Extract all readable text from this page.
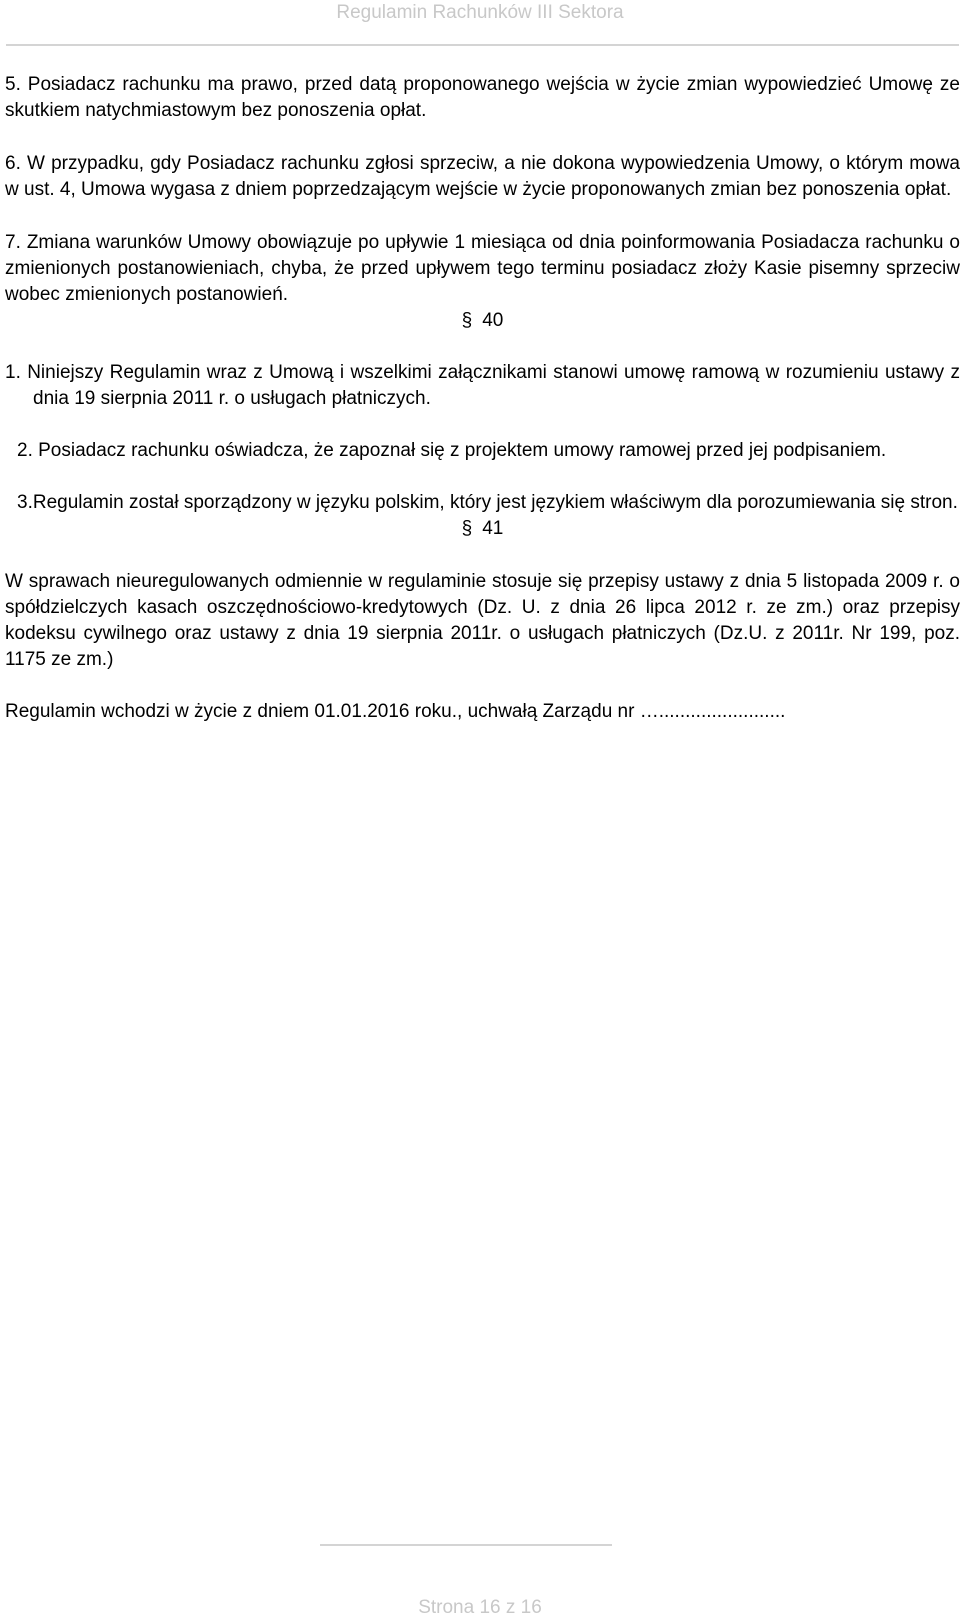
Regulamin Rachunków III Sektora

5. Posiadacz rachunku ma prawo, przed datą proponowanego wejścia w życie zmian wypowiedzieć Umowę ze skutkiem natychmiastowym bez ponoszenia opłat.

6. W przypadku, gdy Posiadacz rachunku zgłosi sprzeciw, a nie dokona wypowiedzenia Umowy, o którym mowa w ust. 4, Umowa wygasa z dniem poprzedzającym wejście w życie proponowanych zmian bez ponoszenia opłat.

7. Zmiana warunków Umowy obowiązuje po upływie 1 miesiąca od dnia poinformowania Posiadacza rachunku o zmienionych postanowieniach, chyba, że przed upływem tego terminu posiadacz złoży Kasie pisemny sprzeciw wobec zmienionych postanowień.

§ 40

1. Niniejszy Regulamin wraz z Umową i wszelkimi załącznikami stanowi umowę ramową w rozumieniu ustawy z dnia 19 sierpnia 2011 r. o usługach płatniczych.

2. Posiadacz rachunku oświadcza, że zapoznał się z projektem umowy ramowej przed jej podpisaniem.

3.Regulamin został sporządzony w języku polskim, który jest językiem właściwym dla porozumiewania się stron.

§ 41

W sprawach nieuregulowanych odmiennie w regulaminie stosuje się przepisy ustawy z dnia 5 listopada 2009 r. o spółdzielczych kasach oszczędnościowo-kredytowych (Dz. U. z dnia 26 lipca 2012 r. ze zm.) oraz przepisy kodeksu cywilnego oraz ustawy z dnia 19 sierpnia 2011r. o usługach płatniczych (Dz.U. z 2011r. Nr 199, poz. 1175 ze zm.)

Regulamin wchodzi w życie z dniem 01.01.2016 roku., uchwałą Zarządu nr …........................

Strona 16 z 16
